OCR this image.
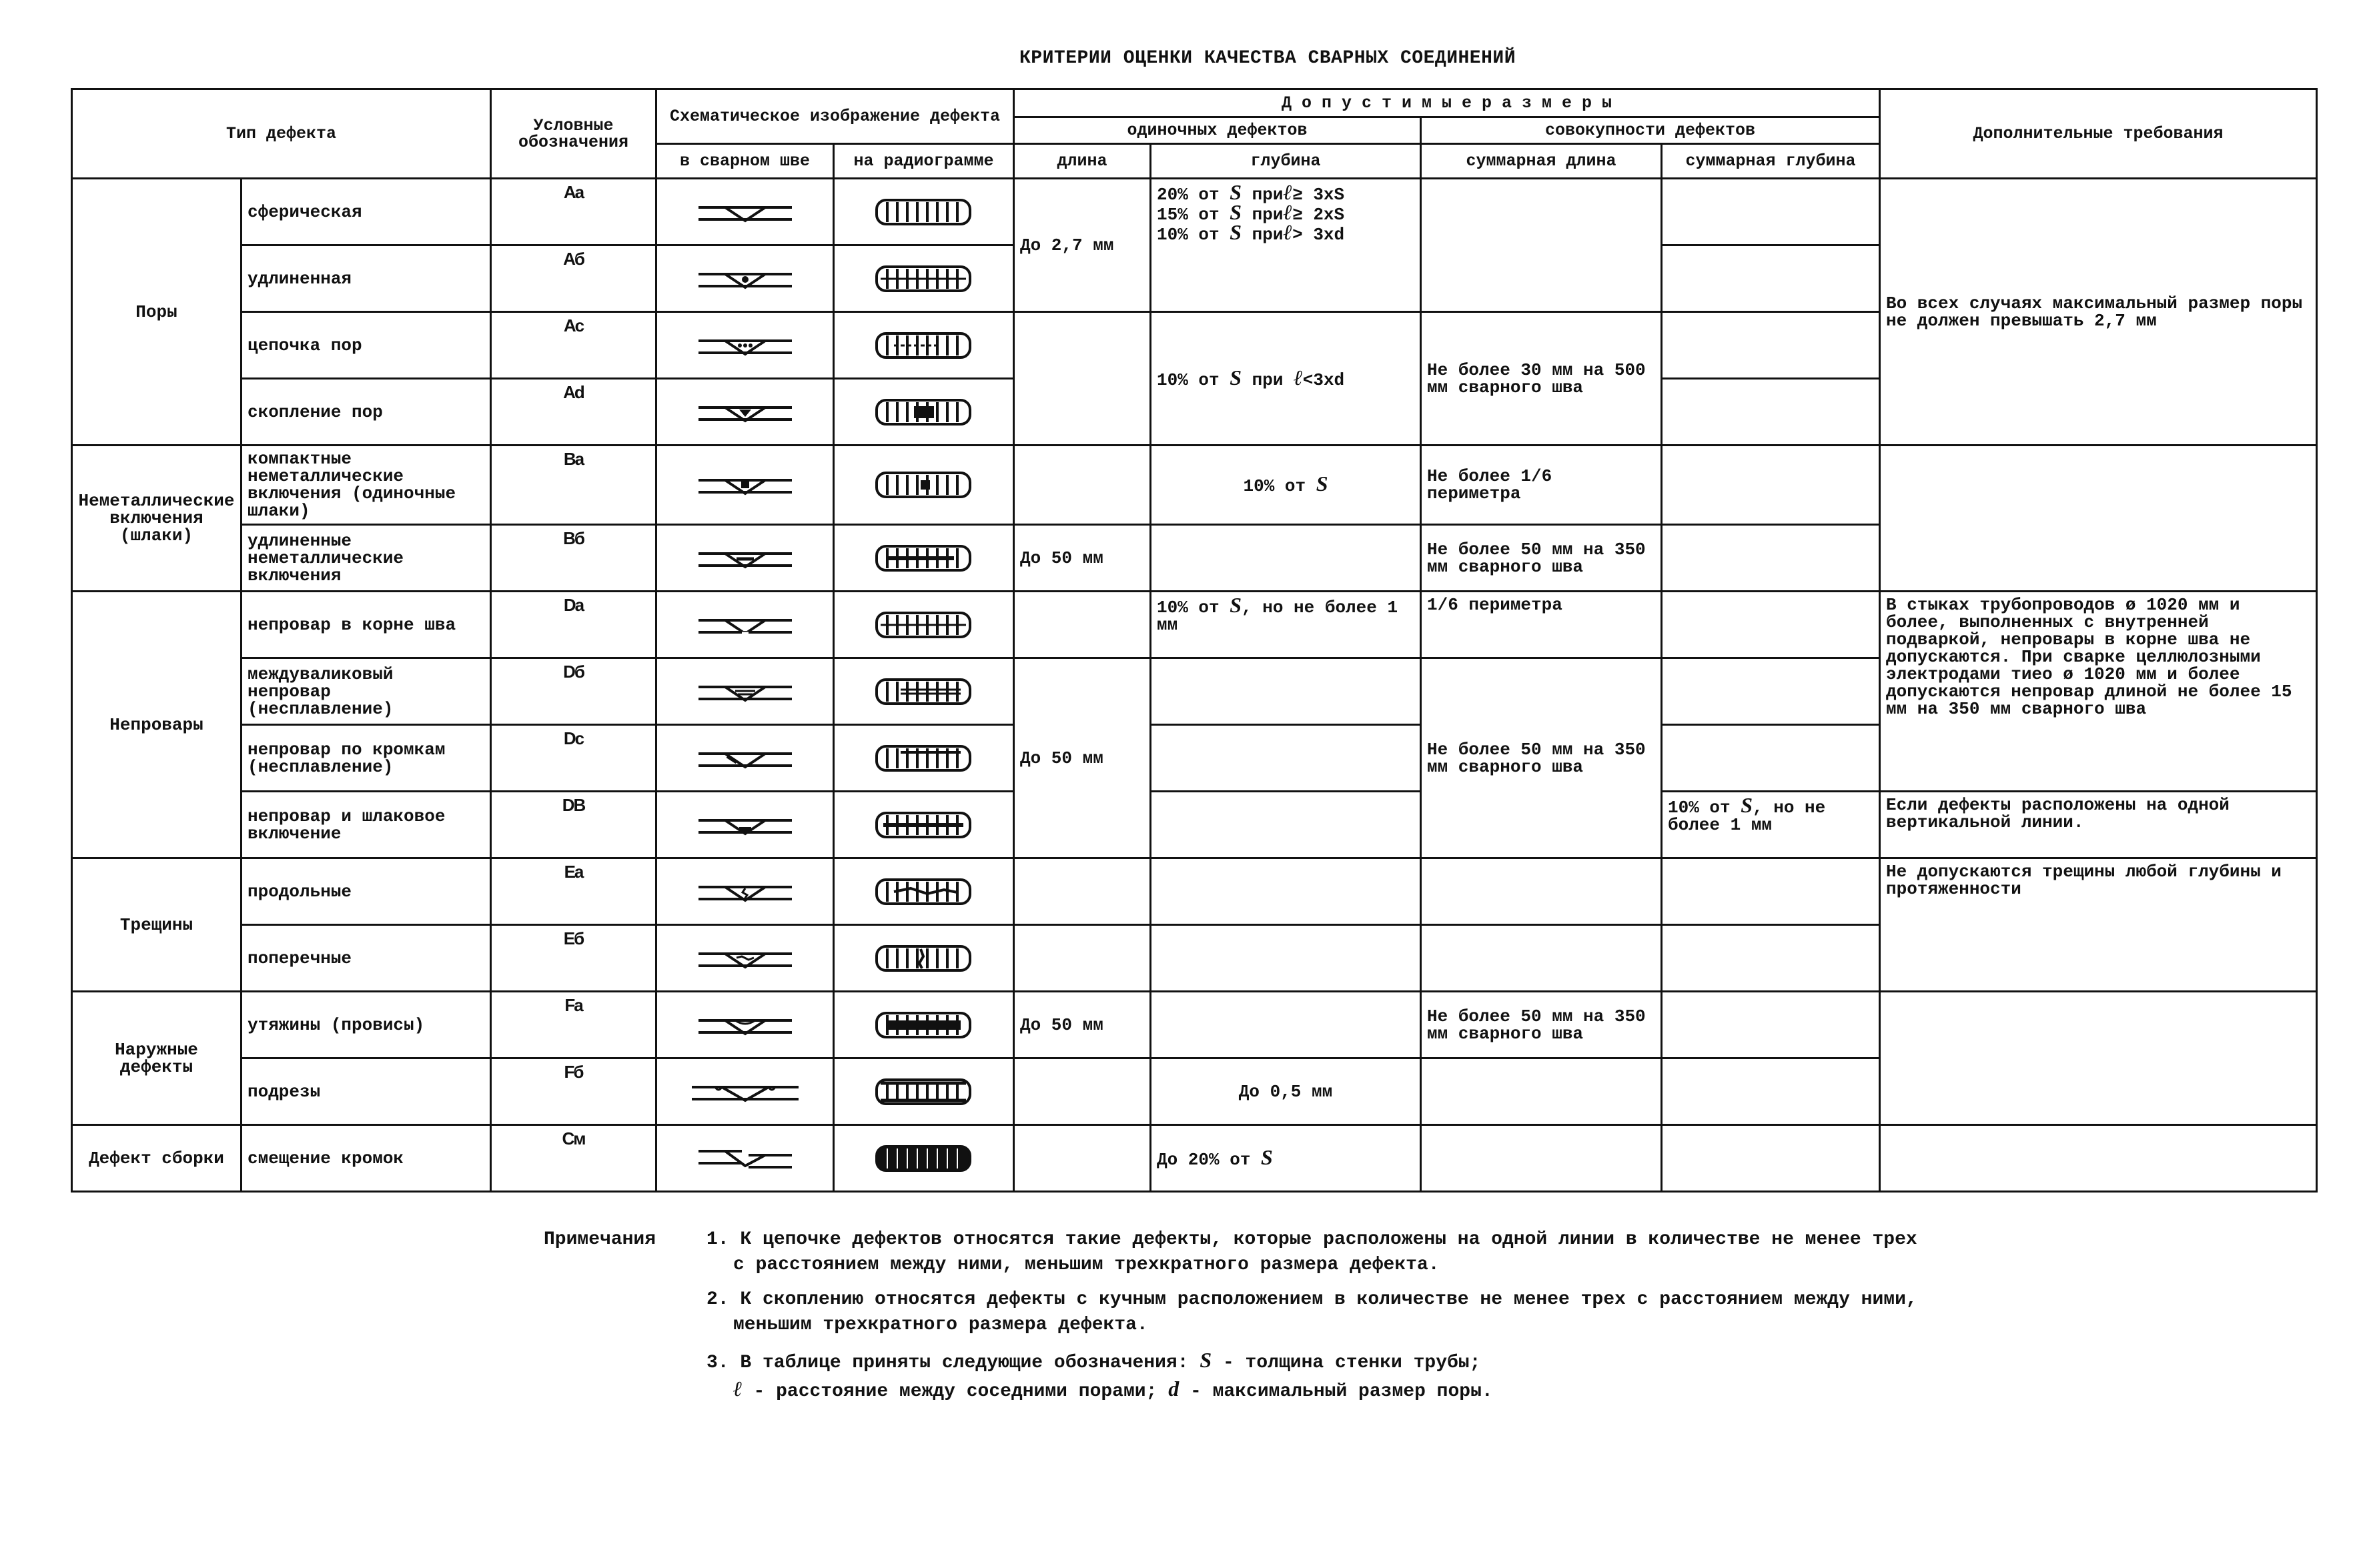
КРИТЕРИИ ОЦЕНКИ КАЧЕСТВА СВАРНЫХ СОЕДИНЕНИЙ
Тип дефекта		Условные обозначения	Схематическое изображение дефекта		Д о п у с т и м ы е р а з м е р ы				Дополнительные требования
					одиночных дефектов		совокупности дефектов		
			в сварном шве	на радиограмме	длина	глубина	суммарная длина	суммарная глубина	
Поры	сферическая	Aa			До 2,7 мм	20% от S приℓ≥ 3xS
15% от S приℓ≥ 2xS
10% от S приℓ> 3xd			Во всех случаях максимальный размер поры не должен превышать 2,7 мм
	удлиненная	Aб	

	цепочка пор	Ac				10% от S при ℓ<3xd	Не более 30 мм на 500 мм сварного шва		
	скопление пор	Ad	

Неметаллические включения (шлаки)	компактные неметаллические включения (одиночные шлаки)	Ba				10% от S	Не более 1/6 периметра		
	удлиненные неметаллические включения	Bб			До 50 мм		Не более 50 мм на 350 мм сварного шва		
Непровары	непровар в корне шва	Da				10% от S, но не более 1 мм	1/6 периметра		В стыках трубопроводов ø 1020 мм и более, выполненных с внутренней подваркой, непровары в корне шва не допускаются. При сварке целлюлозными электродами тиео ø 1020 мм и более допускаются непровар длиной не более 15 мм на 350 мм сварного шва
	междуваликовый непровар (несплавление)	Dб			До 50 мм		Не более 50 мм на 350 мм сварного шва		
	непровар по кромкам (несплавление)	Dc	

	непровар и шлаковое включение	DB						10% от S, но не более 1 мм	Если дефекты расположены на одной вертикальной линии.
Трещины	продольные	Ea							Не допускаются трещины любой глубины и протяженности
	поперечные	Eб	

Наружные дефекты	утяжины (провисы)	Fa			До 50 мм		Не более 50 мм на 350 мм сварного шва		
	подрезы	Fб				До 0,5 мм			
Дефект сборки	смещение кромок	Cм				До 20% от S			
Примечания	1. К цепочке дефектов относятся такие дефекты, которые расположены на одной линии в количестве не менее трех с расстоянием между ними, меньшим трехкратного размера дефекта.
2. К скоплению относятся дефекты с кучным расположением в количестве не менее трех с расстоянием между ними, меньшим трехкратного размера дефекта.
3. В таблице приняты следующие обозначения: S - толщина стенки трубы;
ℓ - расстояние между соседними порами; d - максимальный размер поры.
